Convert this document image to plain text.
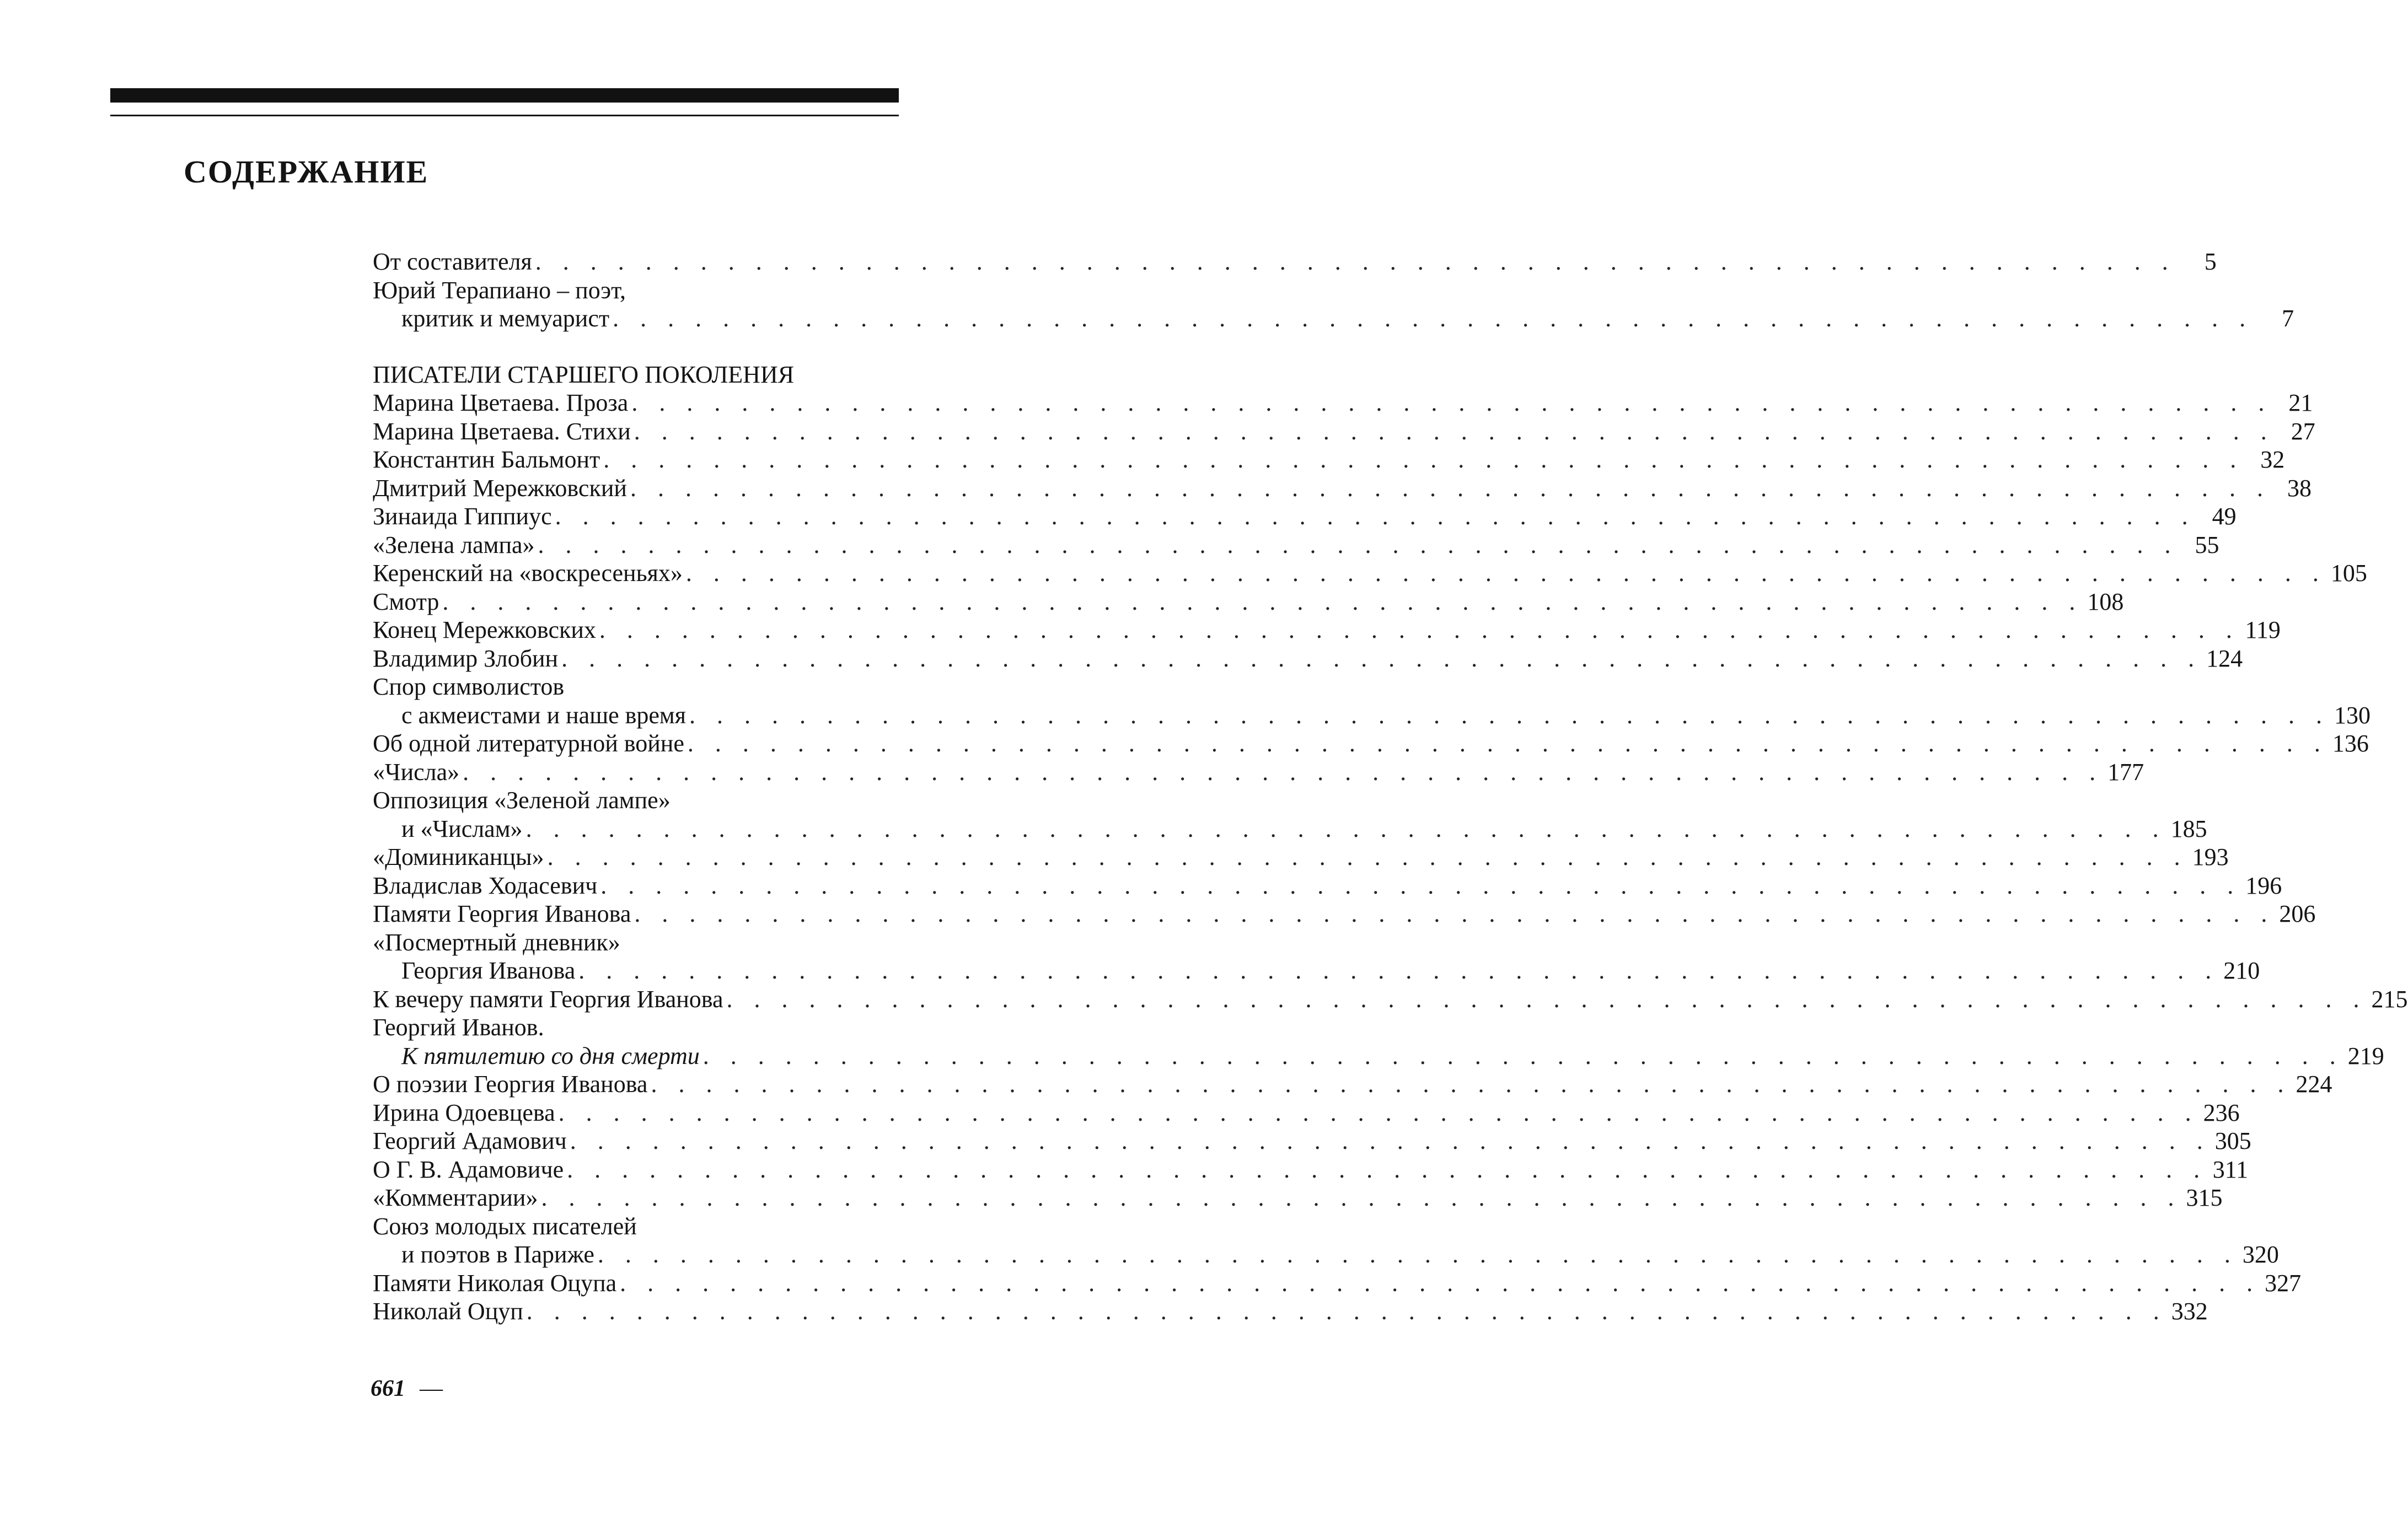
СОДЕРЖАНИЕ
От составителя . . . . . . . . . . . . . . . . . . . . . . . . . . . . . . . . . . . . . . . . . . . . . . . . . . . . . . . . . . . .	5
Юрий Терапиано – поэт,
критик и мемуарист . . . . . . . . . . . . . . . . . . . . . . . . . . . . . . . . . . . . . . . . . . . . . . . . . . . . . . . . . . . .	7
ПИСАТЕЛИ СТАРШЕГО ПОКОЛЕНИЯ
Марина Цветаева. Проза . . . . . . . . . . . . . . . . . . . . . . . . . . . . . . . . . . . . . . . . . . . . . . . . . . . . . . . . . . . . 21
Марина Цветаева. Стихи . . . . . . . . . . . . . . . . . . . . . . . . . . . . . . . . . . . . . . . . . . . . . . . . . . . . . . . . . . . . 27
Константин Бальмонт . . . . . . . . . . . . . . . . . . . . . . . . . . . . . . . . . . . . . . . . . . . . . . . . . . . . . . . . . . . . 32
Дмитрий Мережковский . . . . . . . . . . . . . . . . . . . . . . . . . . . . . . . . . . . . . . . . . . . . . . . . . . . . . . . . . . . . 38
Зинаида Гиппиус . . . . . . . . . . . . . . . . . . . . . . . . . . . . . . . . . . . . . . . . . . . . . . . . . . . . . . . . . . . . 49
«Зелена лампа» . . . . . . . . . . . . . . . . . . . . . . . . . . . . . . . . . . . . . . . . . . . . . . . . . . . . . . . . . . . . 55
Керенский на «воскресеньях» . . . . . . . . . . . . . . . . . . . . . . . . . . . . . . . . . . . . . . . . . . . . . . . . . . . . . . . . . . . . 105
Смотр . . . . . . . . . . . . . . . . . . . . . . . . . . . . . . . . . . . . . . . . . . . . . . . . . . . . . . . . . . . . 108
Конец Мережковских . . . . . . . . . . . . . . . . . . . . . . . . . . . . . . . . . . . . . . . . . . . . . . . . . . . . . . . . . . . . 119
Владимир Злобин . . . . . . . . . . . . . . . . . . . . . . . . . . . . . . . . . . . . . . . . . . . . . . . . . . . . . . . . . . . . 124
Спор символистов
с акмеистами и наше время . . . . . . . . . . . . . . . . . . . . . . . . . . . . . . . . . . . . . . . . . . . . . . . . . . . . . . . . . . . . 130
Об одной литературной войне . . . . . . . . . . . . . . . . . . . . . . . . . . . . . . . . . . . . . . . . . . . . . . . . . . . . . . . . . . . . 136
«Числа» . . . . . . . . . . . . . . . . . . . . . . . . . . . . . . . . . . . . . . . . . . . . . . . . . . . . . . . . . . . . 177
Оппозиция «Зеленой лампе»
и «Числам» . . . . . . . . . . . . . . . . . . . . . . . . . . . . . . . . . . . . . . . . . . . . . . . . . . . . . . . . . . . . 185
«Доминиканцы» . . . . . . . . . . . . . . . . . . . . . . . . . . . . . . . . . . . . . . . . . . . . . . . . . . . . . . . . . . . . 193
Владислав Ходасевич . . . . . . . . . . . . . . . . . . . . . . . . . . . . . . . . . . . . . . . . . . . . . . . . . . . . . . . . . . . . 196
Памяти Георгия Иванова . . . . . . . . . . . . . . . . . . . . . . . . . . . . . . . . . . . . . . . . . . . . . . . . . . . . . . . . . . . . 206
«Посмертный дневник»
Георгия Иванова . . . . . . . . . . . . . . . . . . . . . . . . . . . . . . . . . . . . . . . . . . . . . . . . . . . . . . . . . . . . 210
К вечеру памяти Георгия Иванова . . . . . . . . . . . . . . . . . . . . . . . . . . . . . . . . . . . . . . . . . . . . . . . . . . . . . . . . . . . . 215
Георгий Иванов.
К пятилетию со дня смерти . . . . . . . . . . . . . . . . . . . . . . . . . . . . . . . . . . . . . . . . . . . . . . . . . . . . . . . . . . . . 219
О поэзии Георгия Иванова . . . . . . . . . . . . . . . . . . . . . . . . . . . . . . . . . . . . . . . . . . . . . . . . . . . . . . . . . . . . 224
Ирина Одоевцева . . . . . . . . . . . . . . . . . . . . . . . . . . . . . . . . . . . . . . . . . . . . . . . . . . . . . . . . . . . . 236
Георгий Адамович . . . . . . . . . . . . . . . . . . . . . . . . . . . . . . . . . . . . . . . . . . . . . . . . . . . . . . . . . . . . 305
О Г. В. Адамовиче . . . . . . . . . . . . . . . . . . . . . . . . . . . . . . . . . . . . . . . . . . . . . . . . . . . . . . . . . . . . 311
«Комментарии» . . . . . . . . . . . . . . . . . . . . . . . . . . . . . . . . . . . . . . . . . . . . . . . . . . . . . . . . . . . . 315
Союз молодых писателей
и поэтов в Париже . . . . . . . . . . . . . . . . . . . . . . . . . . . . . . . . . . . . . . . . . . . . . . . . . . . . . . . . . . . . 320
Памяти Николая Оцупа . . . . . . . . . . . . . . . . . . . . . . . . . . . . . . . . . . . . . . . . . . . . . . . . . . . . . . . . . . . . 327
Николай Оцуп . . . . . . . . . . . . . . . . . . . . . . . . . . . . . . . . . . . . . . . . . . . . . . . . . . . . . . . . . . . . 332
661 —
